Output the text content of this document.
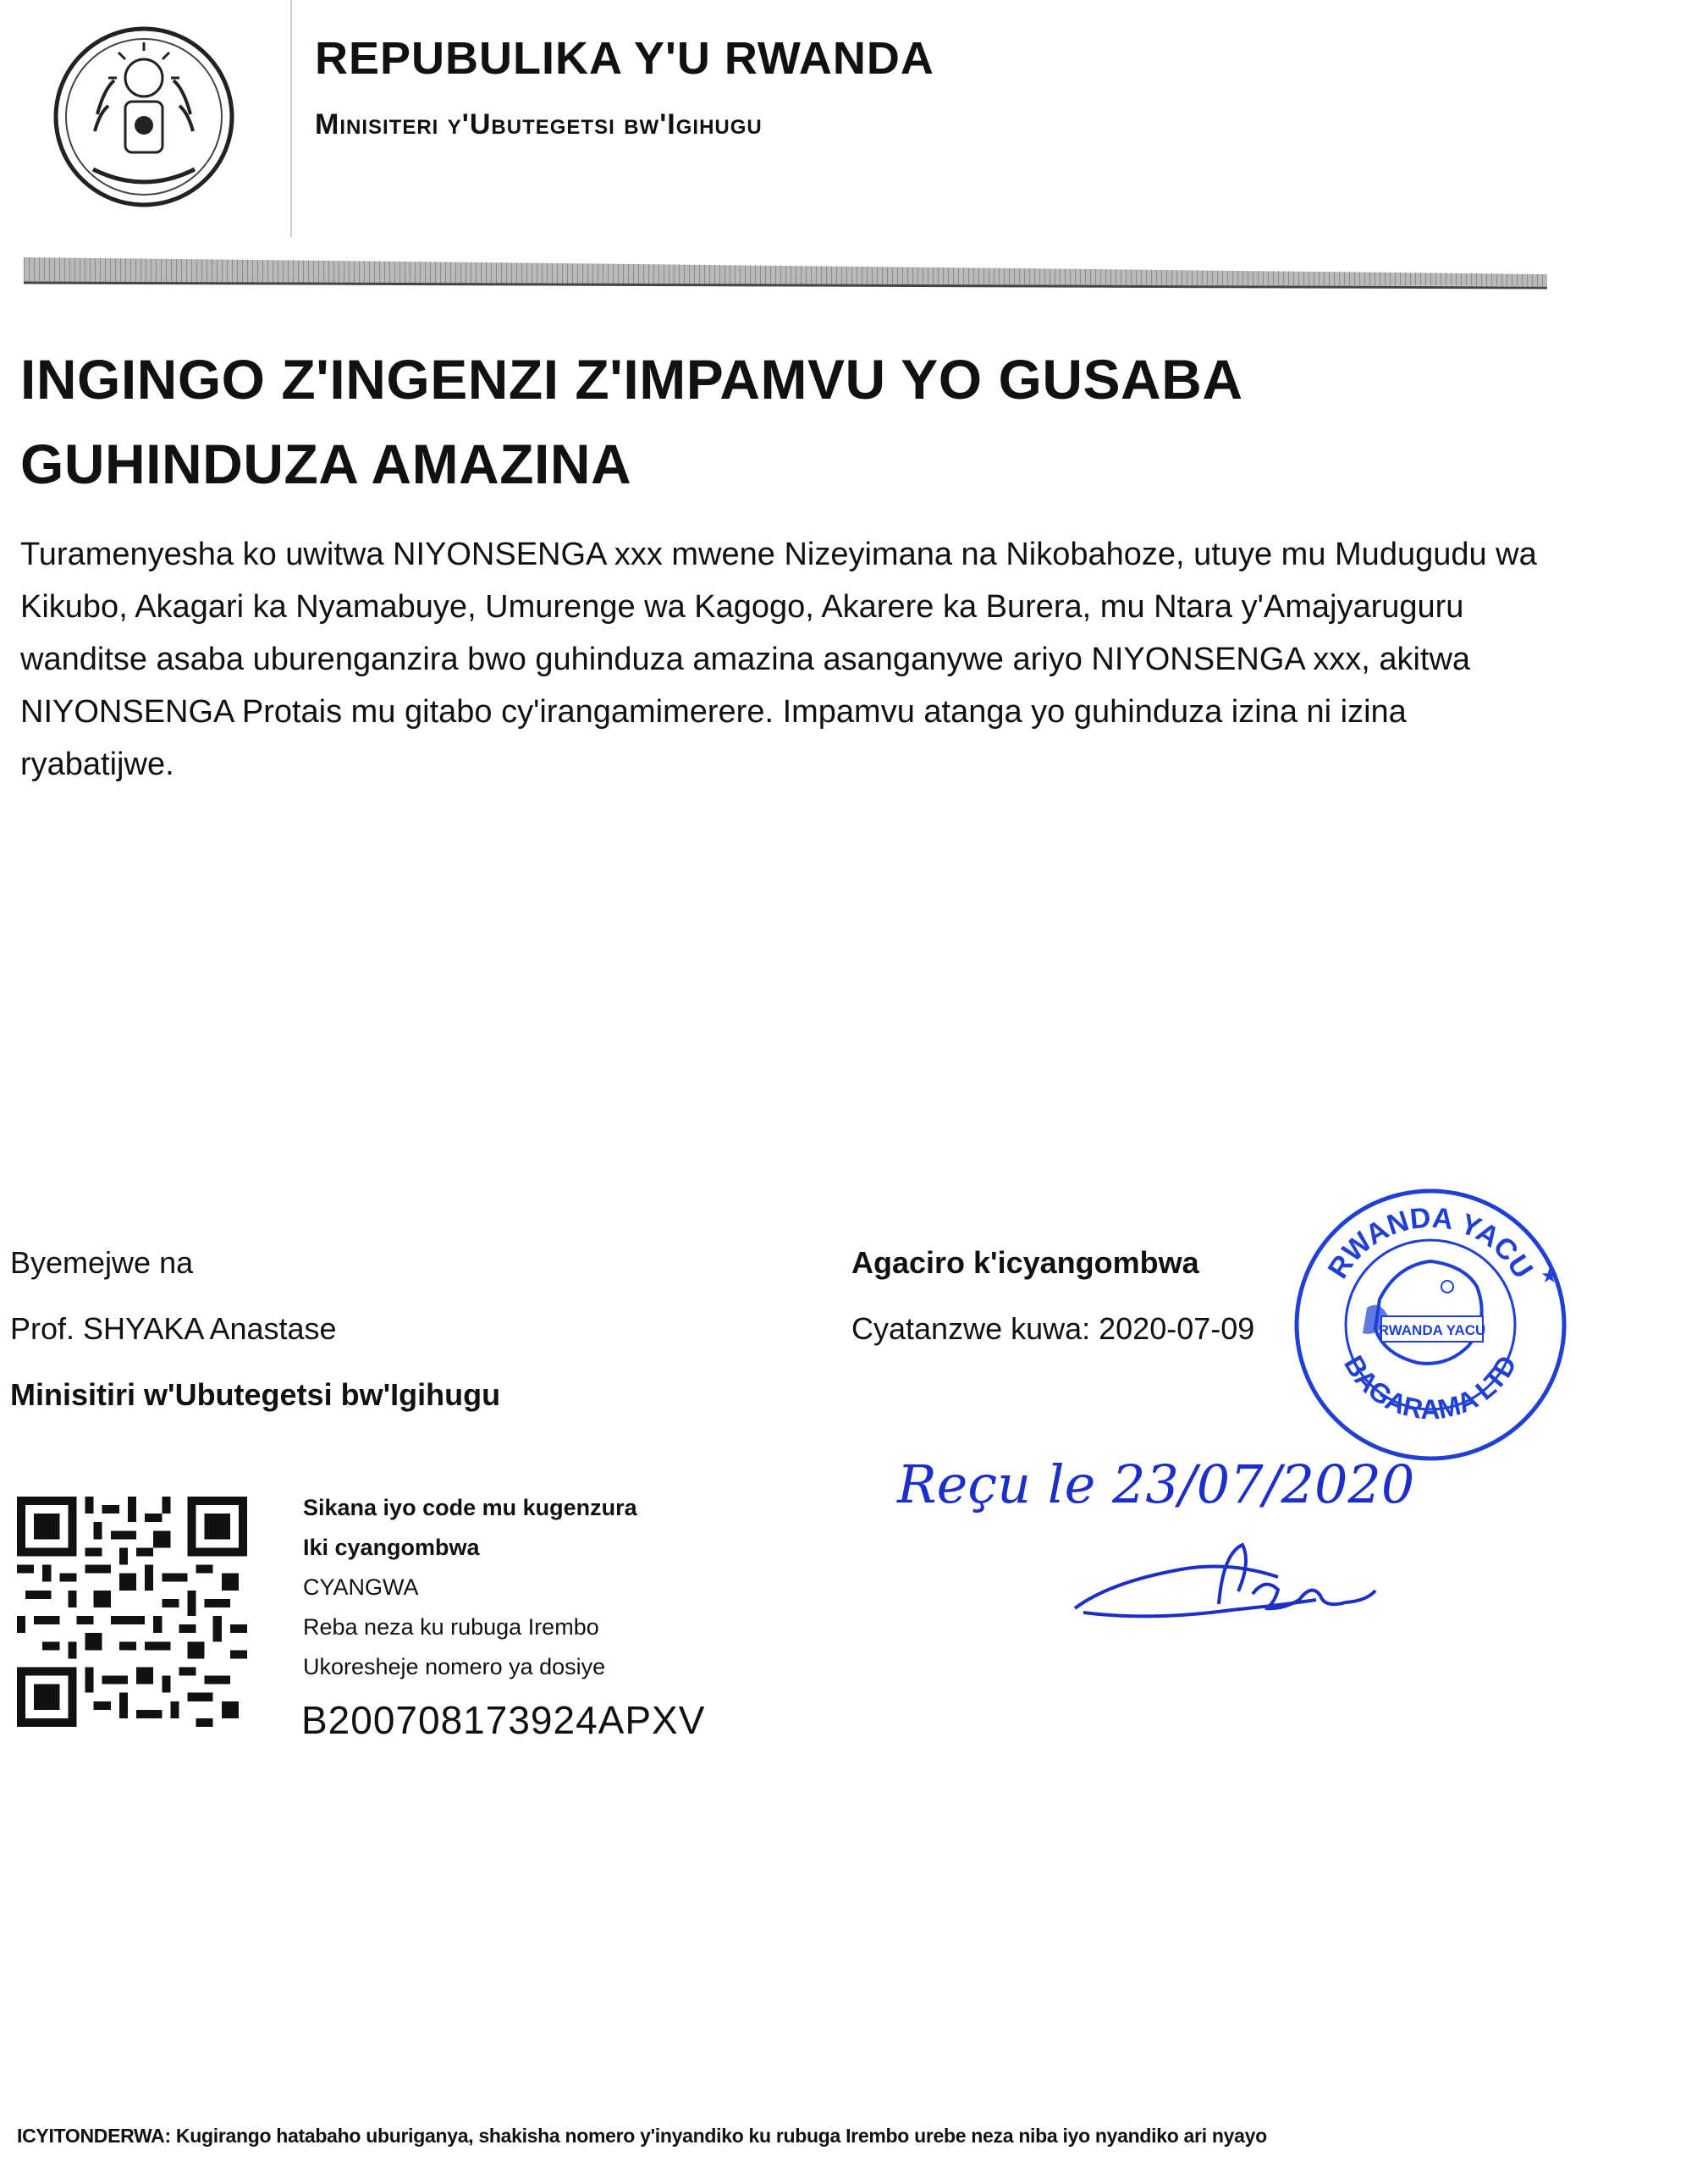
REPUBULIKA Y'U RWANDA
Minisiteri y'Ubutegetsi bw'Igihugu
INGINGO Z'INGENZI Z'IMPAMVU YO GUSABA GUHINDUZA AMAZINA
Turamenyesha ko uwitwa NIYONSENGA xxx mwene Nizeyimana na Nikobahoze, utuye mu Mudugudu wa Kikubo, Akagari ka Nyamabuye, Umurenge wa Kagogo, Akarere ka Burera, mu Ntara y'Amajyaruguru wanditse asaba uburenganzira bwo guhinduza amazina asanganywe ariyo NIYONSENGA xxx, akitwa NIYONSENGA Protais mu gitabo cy'irangamimerere. Impamvu atanga yo guhinduza izina ni izina ryabatijwe.
Byemejwe na
Prof. SHYAKA Anastase
Minisitiri w'Ubutegetsi bw'Igihugu
Agaciro k'icyangombwa
Cyatanzwe kuwa: 2020-07-09
RWANDA YACU
BAGARAMA LTD
RWANDA YACU
★
Reçu le 23/07/2020
Sikana iyo code mu kugenzura
Iki cyangombwa
CYANGWA
Reba neza ku rubuga Irembo
Ukoresheje nomero ya dosiye
B200708173924APXV
ICYITONDERWA: Kugirango hatabaho uburiganya, shakisha nomero y'inyandiko ku rubuga Irembo urebe neza niba iyo nyandiko ari nyayo
